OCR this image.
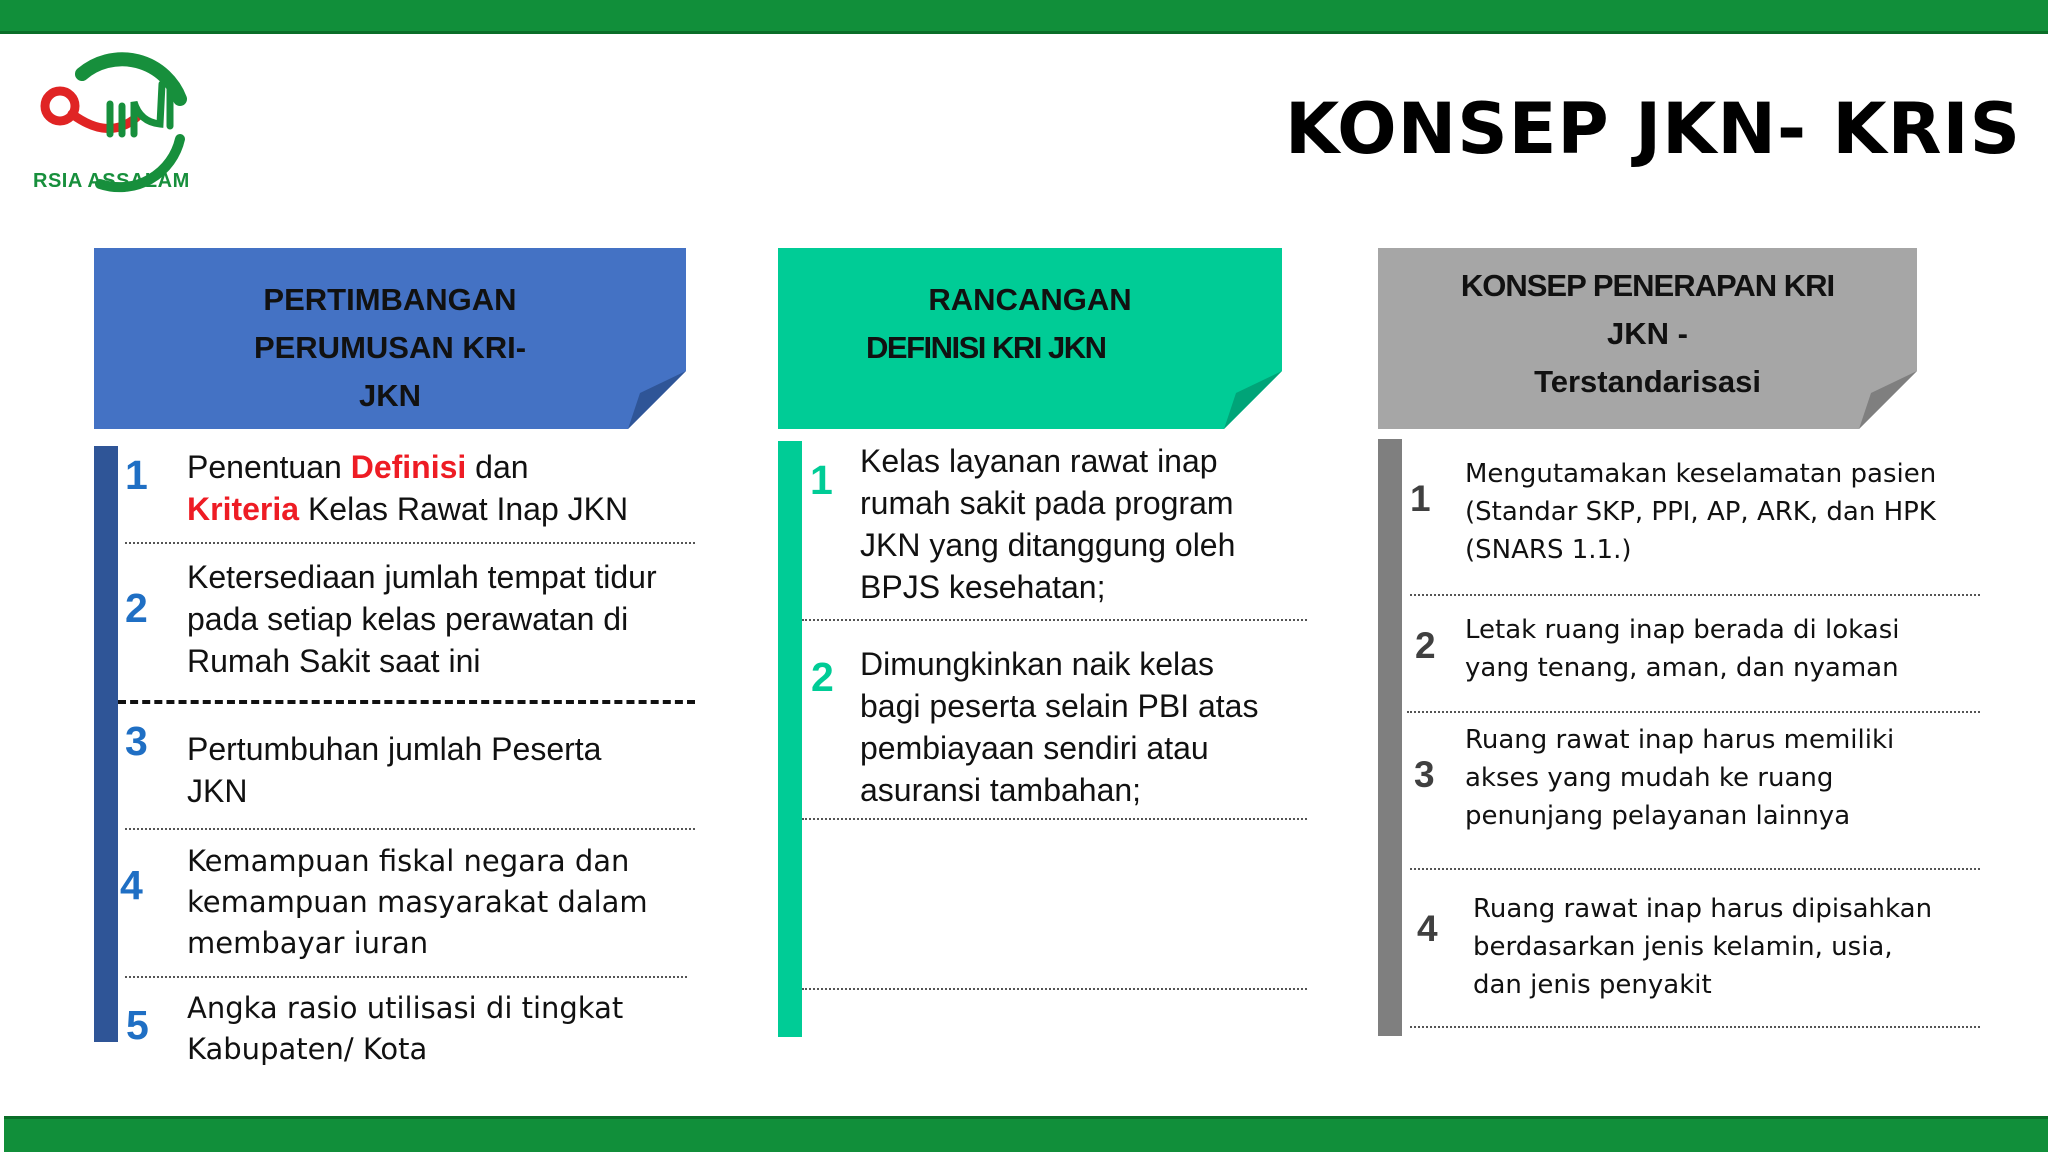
RSIA ASSALAM
KONSEP JKN- KRIS
PERTIMBANGAN
PERUMUSAN KRI-
JKN
RANCANGAN
DEFINISI KRI JKN
KONSEP PENERAPAN KRI
JKN -
Terstandarisasi
1 Penentuan Definisi dan
Kriteria Kelas Rawat Inap JKN
2
Ketersediaan jumlah tempat tidur
pada setiap kelas perawatan di
Rumah Sakit saat ini
3 Pertumbuhan jumlah Peserta
JKN
4
Kemampuan fiskal negara dan
kemampuan masyarakat dalam
membayar iuran
5 Angka rasio utilisasi di tingkat
Kabupaten/ Kota
1 Kelas layanan rawat inap
rumah sakit pada program
JKN yang ditanggung oleh
BPJS kesehatan;
2 Dimungkinkan naik kelas
bagi peserta selain PBI atas
pembiayaan sendiri atau
asuransi tambahan;
1
Mengutamakan keselamatan pasien
(Standar SKP, PPI, AP, ARK, dan HPK
(SNARS 1.1.)
2 Letak ruang inap berada di lokasi
yang tenang, aman, dan nyaman
3
Ruang rawat inap harus memiliki
akses yang mudah ke ruang
penunjang pelayanan lainnya
4 Ruang rawat inap harus dipisahkan
berdasarkan jenis kelamin, usia,
dan jenis penyakit
